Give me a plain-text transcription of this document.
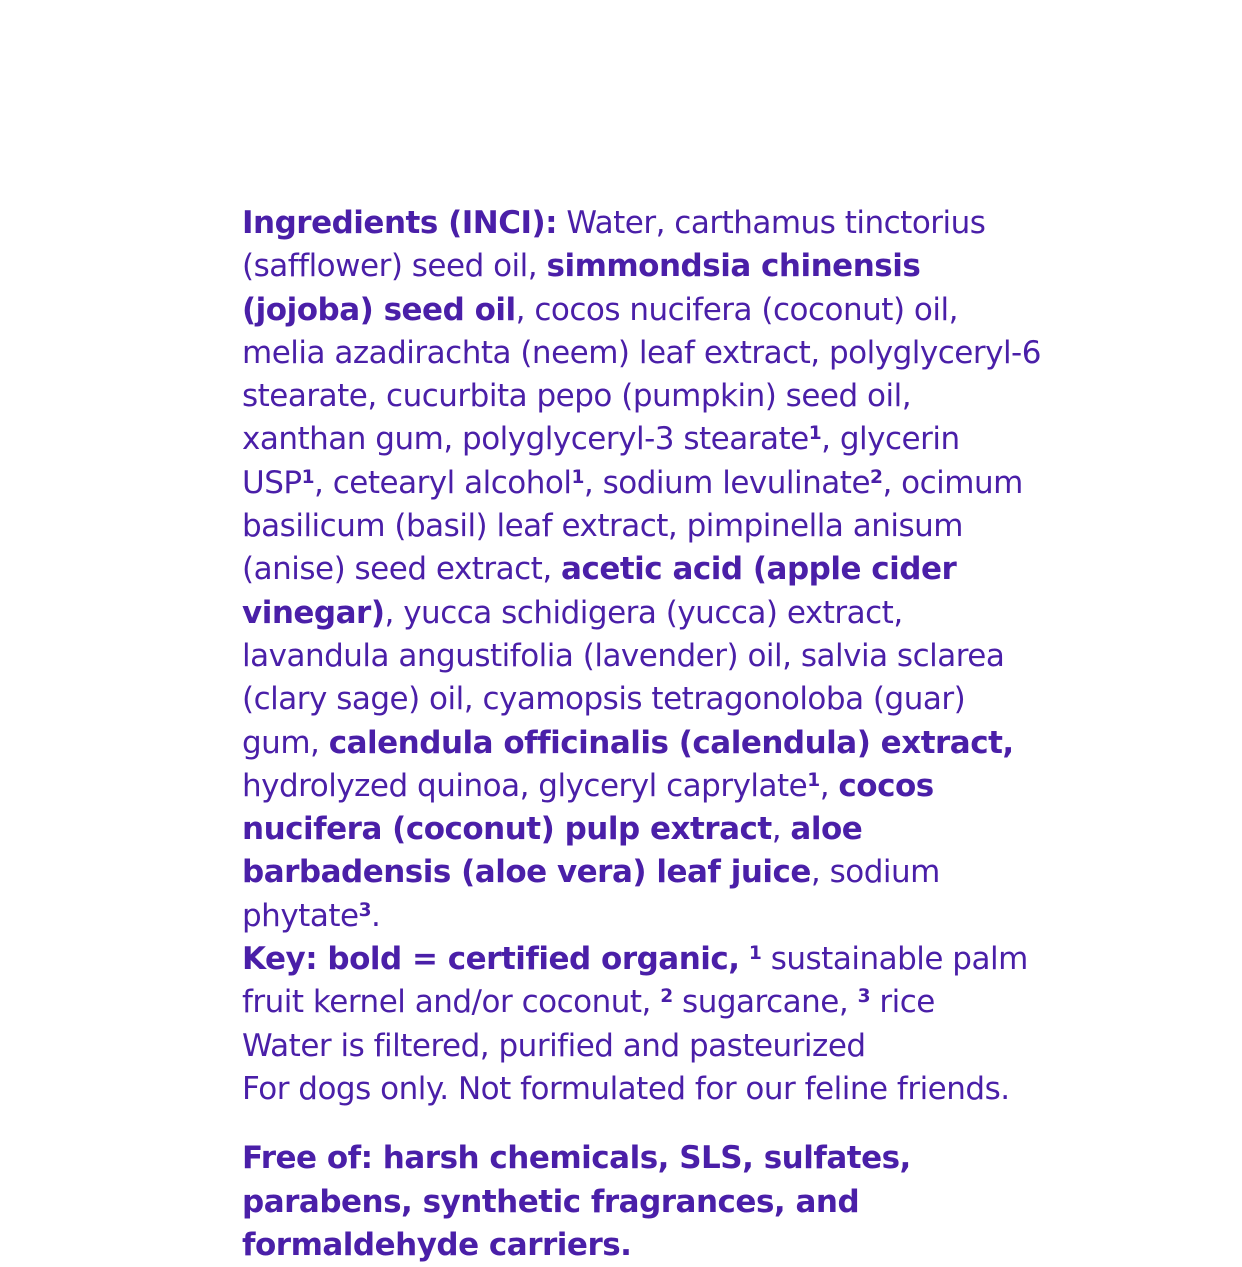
Ingredients (INCI): Water, carthamus tinctorius (safflower) seed oil, simmondsia chinensis (jojoba) seed oil, cocos nucifera (coconut) oil, melia azadirachta (neem) leaf extract, polyglyceryl-6 stearate, cucurbita pepo (pumpkin) seed oil, xanthan gum, polyglyceryl-3 stearate$^1$, glycerin USP$^1$, cetearyl alcohol$^1$, sodium levulinate$^2$, ocimum basilicum (basil) leaf extract, pimpinella anisum (anise) seed extract, acetic acid (apple cider vinegar), yucca schidigera (yucca) extract, lavandula angustifolia (lavender) oil, salvia sclarea (clary sage) oil, cyamopsis tetragonoloba (guar) gum, calendula officinalis (calendula) extract, hydrolyzed quinoa, glyceryl caprylate$^1$, cocos nucifera (coconut) pulp extract, aloe barbadensis (aloe vera) leaf juice, sodium phytate$^3$.

Key: bold = certified organic, $^1$ sustainable palm fruit kernel and/or coconut, $^2$ sugarcane, $^3$ rice

Water is filtered, purified and pasteurized

For dogs only. Not formulated for our feline friends.

Free of: harsh chemicals, SLS, sulfates, parabens, synthetic fragrances, and formaldehyde carriers.
